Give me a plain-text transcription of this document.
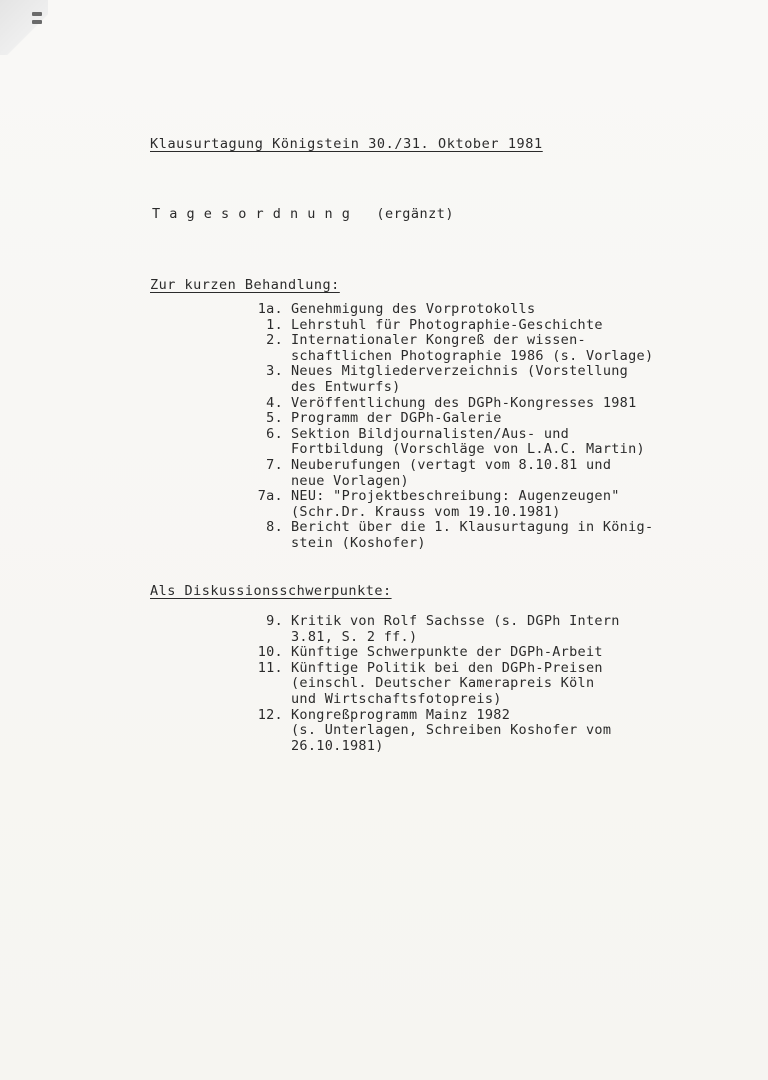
Klausurtagung Königstein 30./31. Oktober 1981
T a g e s o r d n u n g   (ergänzt)
Zur kurzen Behandlung:
1a. Genehmigung des Vorprotokolls
1. Lehrstuhl für Photographie-Geschichte
2. Internationaler Kongreß der wissen-
schaftlichen Photographie 1986 (s. Vorlage)
3. Neues Mitgliederverzeichnis (Vorstellung
des Entwurfs)
4. Veröffentlichung des DGPh-Kongresses 1981
5. Programm der DGPh-Galerie
6. Sektion Bildjournalisten/Aus- und
Fortbildung (Vorschläge von L.A.C. Martin)
7. Neuberufungen (vertagt vom 8.10.81 und
neue Vorlagen)
7a. NEU: "Projektbeschreibung: Augenzeugen"
(Schr.Dr. Krauss vom 19.10.1981)
8. Bericht über die 1. Klausurtagung in König-
stein (Koshofer)
Als Diskussionsschwerpunkte:
9. Kritik von Rolf Sachsse (s. DGPh Intern
3.81, S. 2 ff.)
10. Künftige Schwerpunkte der DGPh-Arbeit
11. Künftige Politik bei den DGPh-Preisen
(einschl. Deutscher Kamerapreis Köln
und Wirtschaftsfotopreis)
12. Kongreßprogramm Mainz 1982
(s. Unterlagen, Schreiben Koshofer vom
26.10.1981)
